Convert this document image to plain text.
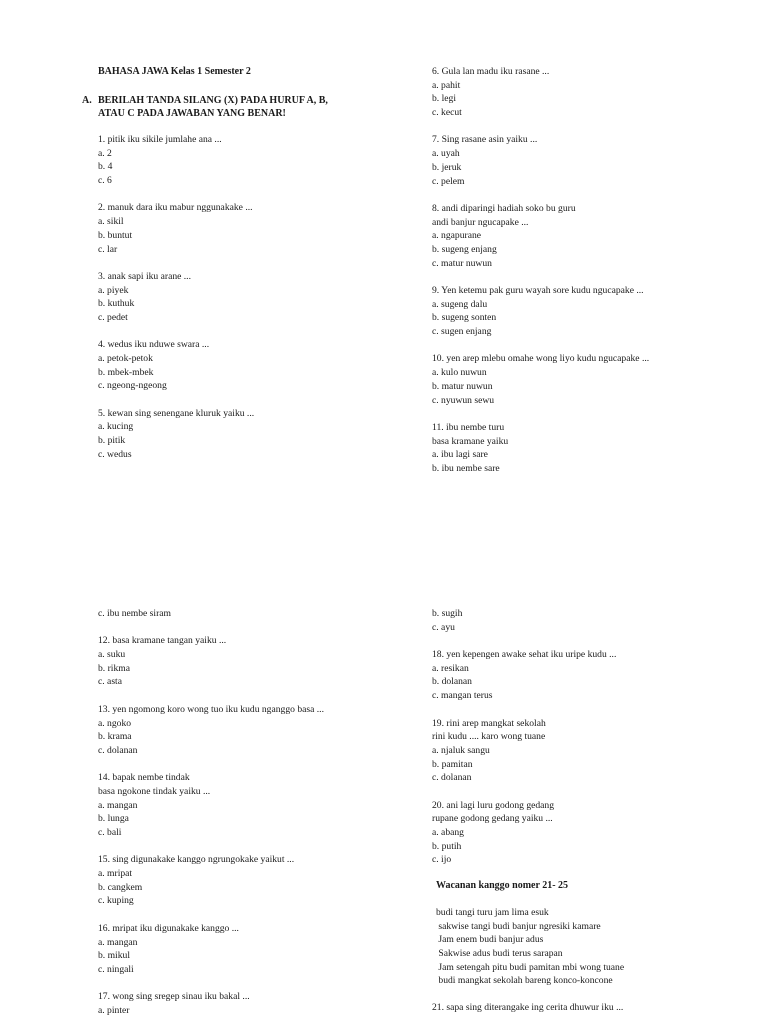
BAHASA JAWA Kelas 1 Semester 2
A. BERILAH TANDA SILANG (X) PADA HURUF A, B,
ATAU C PADA JAWABAN YANG BENAR!
1. pitik iku sikile jumlahe ana ...
a. 2
b. 4
c. 6
2. manuk dara iku mabur nggunakake ...
a. sikil
b. buntut
c. lar
3. anak sapi iku arane ...
a. piyek
b. kuthuk
c. pedet
4. wedus iku nduwe swara ...
a. petok-petok
b. mbek-mbek
c. ngeong-ngeong
5. kewan sing senengane kluruk yaiku ...
a. kucing
b. pitik
c. wedus
6. Gula lan madu iku rasane ...
a. pahit
b. legi
c. kecut
7. Sing rasane asin yaiku ...
a. uyah
b. jeruk
c. pelem
8. andi diparingi hadiah soko bu guru
andi banjur ngucapake ...
a. ngapurane
b. sugeng enjang
c. matur nuwun
9. Yen ketemu pak guru wayah sore kudu ngucapake ...
a. sugeng dalu
b. sugeng sonten
c. sugen enjang
10. yen arep mlebu omahe wong liyo kudu ngucapake ...
a. kulo nuwun
b. matur nuwun
c. nyuwun sewu
11. ibu nembe turu
basa kramane yaiku
a. ibu lagi sare
b. ibu nembe sare
c. ibu nembe siram
12. basa kramane tangan yaiku ...
a. suku
b. rikma
c. asta
13. yen ngomong koro wong tuo iku kudu nganggo basa ...
a. ngoko
b. krama
c. dolanan
14. bapak nembe tindak
basa ngokone tindak yaiku ...
a. mangan
b. lunga
c. bali
15. sing digunakake kanggo ngrungokake yaikut ...
a. mripat
b. cangkem
c. kuping
16. mripat iku digunakake kanggo ...
a. mangan
b. mikul
c. ningali
17. wong sing sregep sinau iku bakal ...
a. pinter
b. sugih
c. ayu
18. yen kepengen awake sehat iku uripe kudu ...
a. resikan
b. dolanan
c. mangan terus
19. rini arep mangkat sekolah
rini kudu .... karo wong tuane
a. njaluk sangu
b. pamitan
c. dolanan
20. ani lagi luru godong gedang
rupane godong gedang yaiku ...
a. abang
b. putih
c. ijo
Wacanan kanggo nomer 21- 25
budi tangi turu jam lima esuk
sakwise tangi budi banjur ngresiki kamare
Jam enem budi banjur adus
Sakwise adus budi terus sarapan
Jam setengah pitu budi pamitan mbi wong tuane
budi mangkat sekolah bareng konco-koncone
21. sapa sing diterangake ing cerita dhuwur iku ...
